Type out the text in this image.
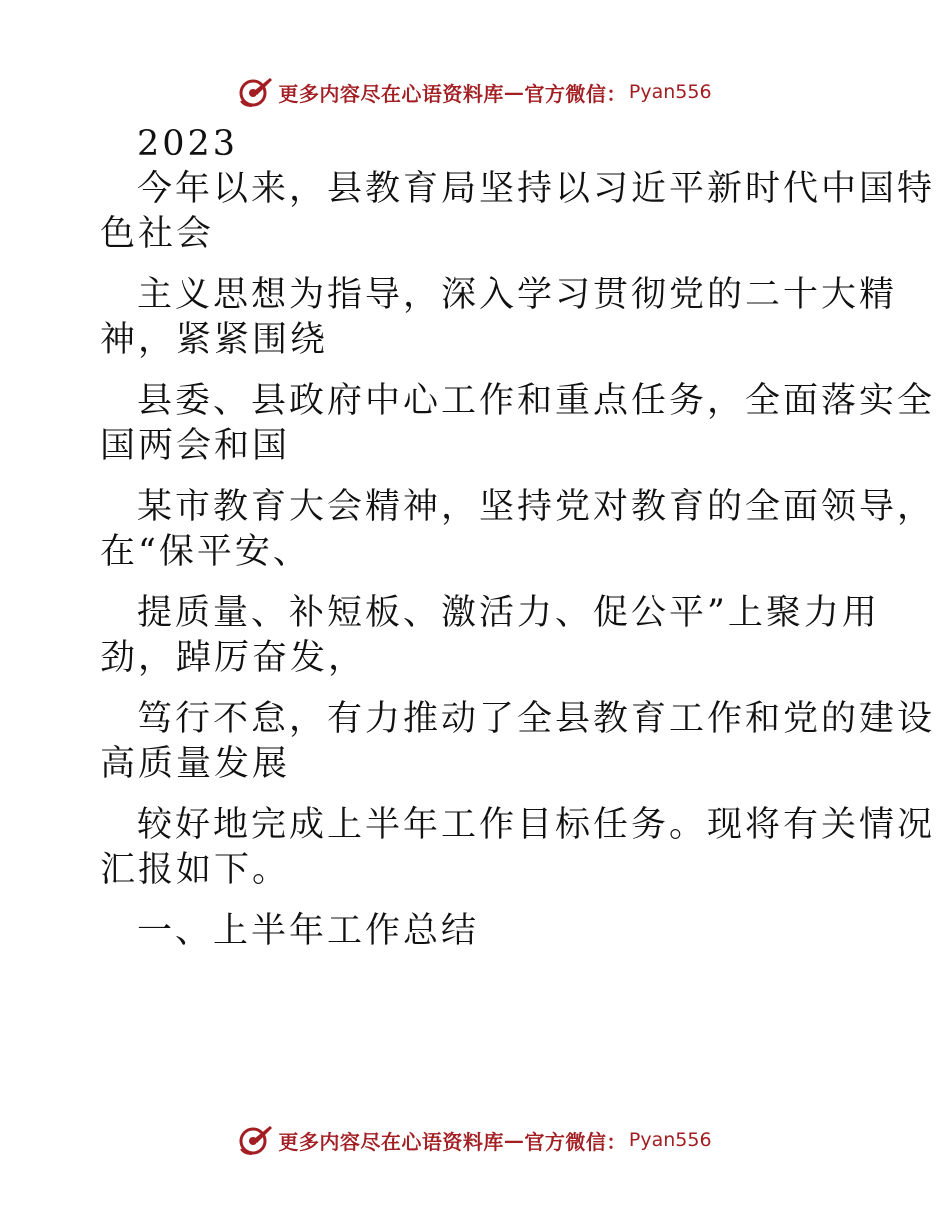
更多内容尽在心语资料库 — 官方微信： Pyan556
2023
今年以来，县教育局坚持以习近平新时代中国特
色社会
主义思想为指导，深入学习贯彻党的二十大精
神，紧紧围绕
县委、县政府中心工作和重点任务，全面落实全
国两会和国
某市教育大会精神，坚持党对教育的全面领导，
在“保平安、
提质量、补短板、激活力、促公平”上聚力用
劲，踔厉奋发，
笃行不怠，有力推动了全县教育工作和党的建设
高质量发展
较好地完成上半年工作目标任务。现将有关情况
汇报如下。
一、上半年工作总结
更多内容尽在心语资料库 — 官方微信： Pyan556
